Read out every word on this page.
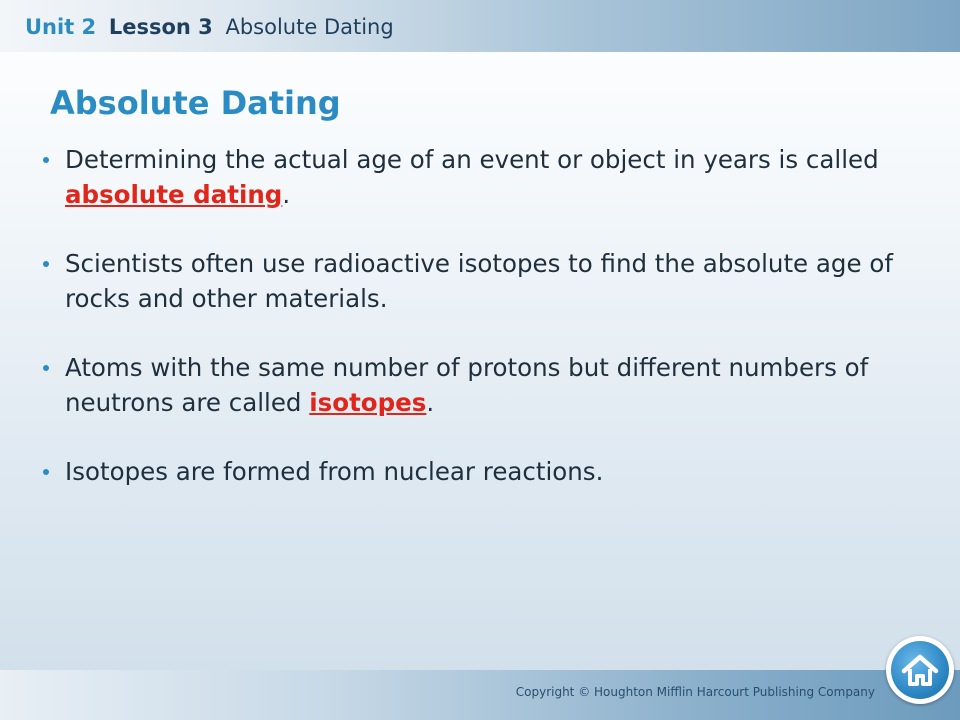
Unit 2 Lesson 3 Absolute Dating
Absolute Dating
Determining the actual age of an event or object in years is called absolute dating.
Scientists often use radioactive isotopes to find the absolute age of rocks and other materials.
Atoms with the same number of protons but different numbers of neutrons are called isotopes.
Isotopes are formed from nuclear reactions.
Copyright © Houghton Mifflin Harcourt Publishing Company
